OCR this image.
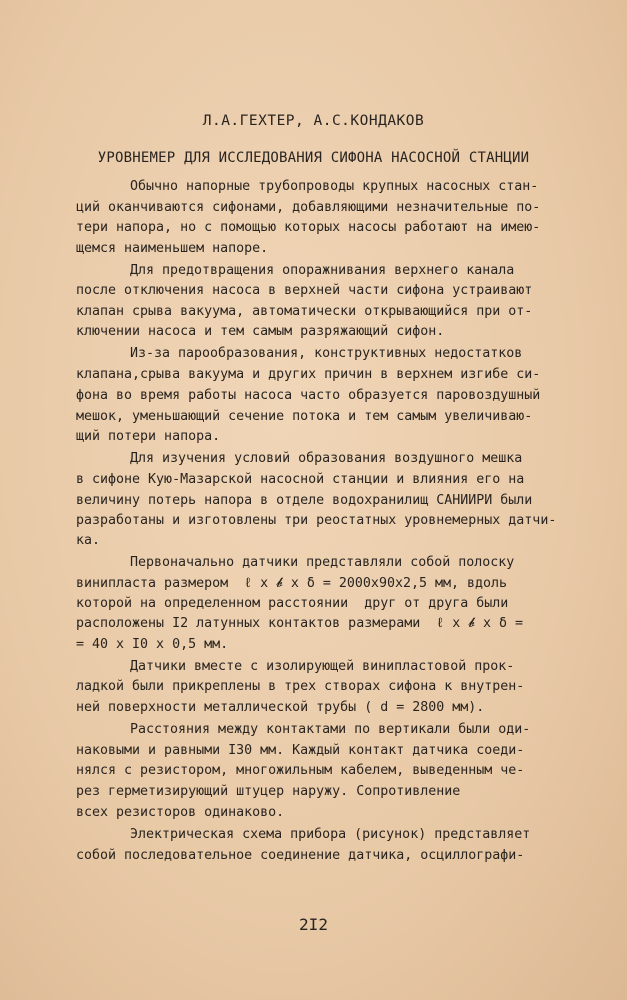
Л.А.ГЕХТЕР, А.С.КОНДАКОВ
УРОВНЕМЕР ДЛЯ ИССЛЕДОВАНИЯ СИФОНА НАСОСНОЙ СТАНЦИИ
Обычно напорные трубопроводы крупных насосных стан-
ций оканчиваются сифонами, добавляющими незначительные по-
тери напора, но с помощью которых насосы работают на имею-
щемся наименьшем напоре.
Для предотвращения опоражнивания верхнего канала
после отключения насоса в верхней части сифона устраивают
клапан срыва вакуума, автоматически открывающийся при от-
ключении насоса и тем самым разряжающий сифон.
Из-за парообразования, конструктивных недостатков
клапана,срыва вакуума и других причин в верхнем изгибе си-
фона во время работы насоса часто образуется паровоздушный
мешок, уменьшающий сечение потока и тем самым увеличиваю-
щий потери напора.
Для изучения условий образования воздушного мешка
в сифоне Кую-Мазарской насосной станции и влияния его на
величину потерь напора в отделе водохранилищ САНИИРИ были
разработаны и изготовлены три реостатных уровнемерных датчи-
ка.
Первоначально датчики представляли собой полоску
винипласта размером  ℓ x 𝓫 x δ = 2000х90х2,5 мм, вдоль
которой на определенном расстоянии  друг от друга были
расположены I2 латунных контактов размерами  ℓ x 𝓫 x δ =
= 40 х I0 х 0,5 мм.
Датчики вместе с изолирующей винипластовой прок-
ладкой были прикреплены в трех створах сифона к внутрен-
ней поверхности металлической трубы ( d = 2800 мм).
Расстояния между контактами по вертикали были оди-
наковыми и равными I30 мм. Каждый контакт датчика соеди-
нялся с резистором, многожильным кабелем, выведенным че-
рез герметизирующий штуцер наружу. Сопротивление
всех резисторов одинаково.
Электрическая схема прибора (рисунок) представляет
собой последовательное соединение датчика, осциллографи-
2I2
